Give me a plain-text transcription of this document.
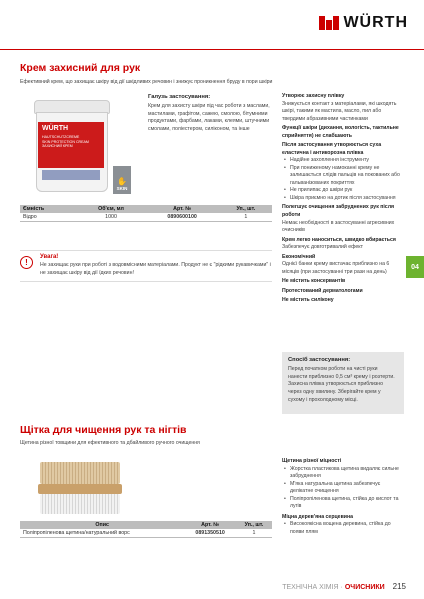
WÜRTH
Крем захисний для рук
Ефективний крем, що захищає шкіру від дії шкідливих речовин і знижує проникнення бруду в пори шкіри
WÜRTH
HAUTSCHUTZCREME
SKIN PROTECTION CREAM
ЗАХИСНИЙ КРЕМ
✋
SKIN
Галузь застосування:
Крем для захисту шкіри під час роботи з маслами, мастилами, графітом, сажею, смолою, бітумними продуктами, фарбами, лаками, клеями, штучними смолами, поліестером, силіконом, та інше
Ємність	Об'єм, мл	Арт. №	Уп., шт.
Відро	1000	0890600100	1
!
Увага!
Не захищає руки при роботі з водовмісними матеріалами. Продукт не є "рідкими рукавичками" і не захищає шкіру від дії їдких речовин!
Утворює захисну плівку
Знижується контакт з матеріалами, які шкодять шкірі, такими як мастила, масло, пил або твердими абразивними частинками
Функції шкіри (дихання, вологість, тактильне сприйняття) не слабшають
Після застосування утворюється суха еластична і антикорозна плівка
• Надійне захоплення інструменту
• При пониженому намоканні крему не залишається слідів пальців на покованих або гальванізованих покриттях
• Не прилипає до шкіри рук
• Шкіра приємно на дотик після застосування
Полегшує очищення забруднених рук після роботи
Немає необхідності в застосуванні агресивних очисників
Крем легко наноситься, швидко вбирається
Забезпечує довготривалий ефект
Економічний
Однієї банки крему вистачає приблизно на 6 місяців (при застосуванні три рази на день)
Не містить консервантів
Протестований дерматологами
Не містить силікону
Спосіб застосування:
Перед початком роботи на чисті руки нанести приблизно 0,5 см³ крему і розтерти. Захисна плівка утворюється приблизно через одну хвилину. Зберігайте крем у сухому і прохолодному місці.
04
Щітка для чищення рук та нігтів
Щетина різної товщини для ефективного та дбайливого ручного очищення
Щетина різної міцності
• Жорстка пластикова щетина видаляє сильне забруднення
• М'яка натуральна щетина забезпечує делікатне очищення
• Поліпропіленова щетина, стійка до кислот та лугів
Міцна дерев'яна серцевина
• Високоякісна вощена деревина, стійка до появи плям
Опис	Арт. №	Уп., шт.
Поліпропіленова щетина/натуральний ворс	0891350510	1
ТЕХНІЧНА ХІМІЯ · ОЧИСНИКИ 215
